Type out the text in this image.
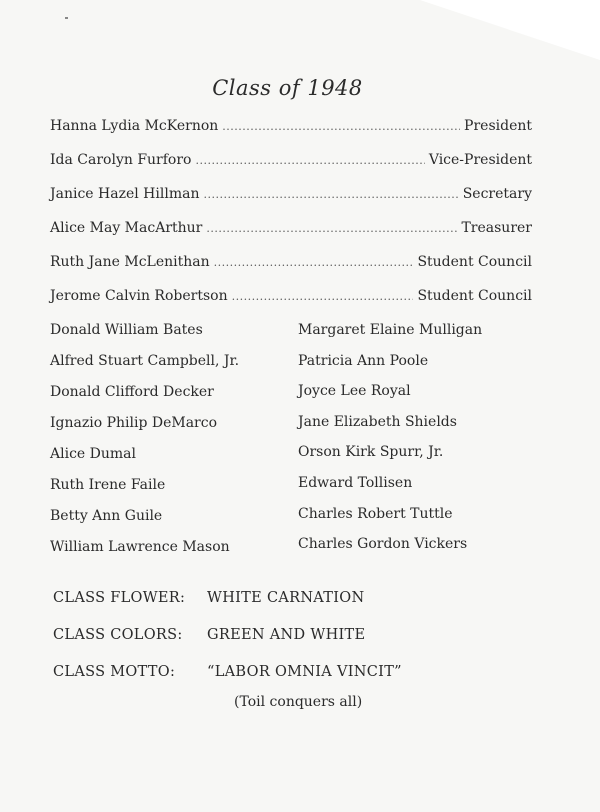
Class of 1948
Hanna Lydia McKernon .....	President
Ida Carolyn Furforo .....	Vice-President
Janice Hazel Hillman .....	Secretary
Alice May MacArthur .....	Treasurer
Ruth Jane McLenithan .....	Student Council
Jerome Calvin Robertson .....	Student Council
Donald William Bates
Alfred Stuart Campbell, Jr.
Donald Clifford Decker
Ignazio Philip DeMarco
Alice Dumal
Ruth Irene Faile
Betty Ann Guile
William Lawrence Mason
Margaret Elaine Mulligan
Patricia Ann Poole
Joyce Lee Royal
Jane Elizabeth Shields
Orson Kirk Spurr, Jr.
Edward Tollisen
Charles Robert Tuttle
Charles Gordon Vickers
CLASS FLOWER:	WHITE CARNATION
CLASS COLORS:	GREEN AND WHITE
CLASS MOTTO:	“LABOR OMNIA VINCIT”
(Toil conquers all)
